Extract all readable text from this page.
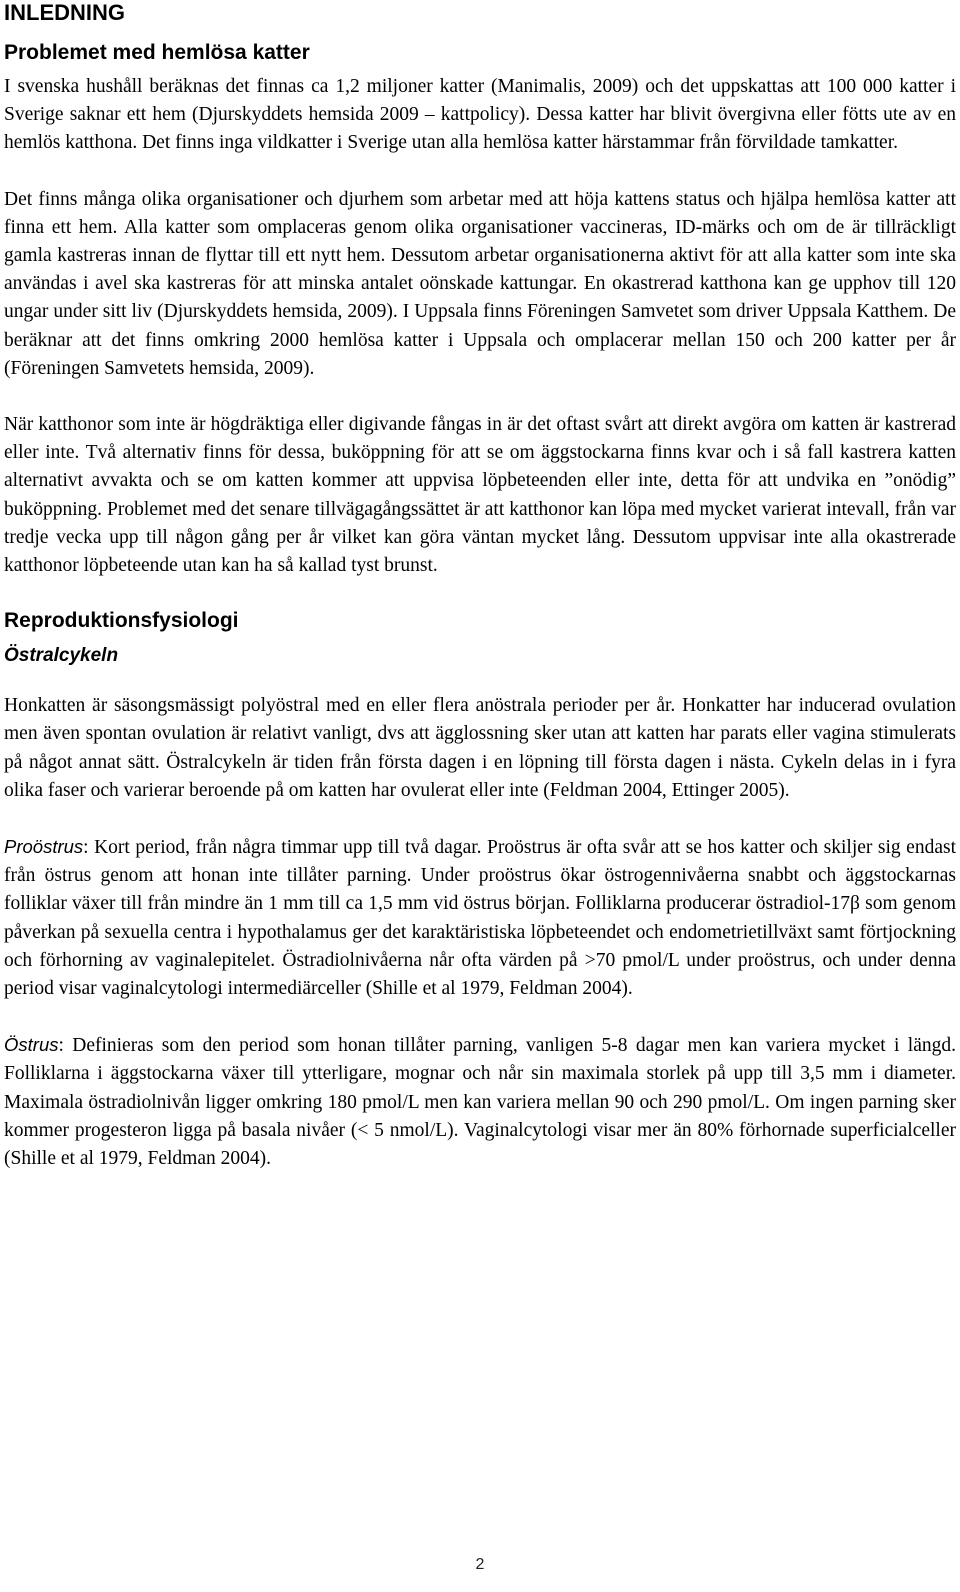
INLEDNING
Problemet med hemlösa katter

I svenska hushåll beräknas det finnas ca 1,2 miljoner katter (Manimalis, 2009) och det uppskattas att 100 000 katter i Sverige saknar ett hem (Djurskyddets hemsida 2009 – kattpolicy). Dessa katter har blivit övergivna eller fötts ute av en hemlös katthona. Det finns inga vildkatter i Sverige utan alla hemlösa katter härstammar från förvildade tamkatter.

Det finns många olika organisationer och djurhem som arbetar med att höja kattens status och hjälpa hemlösa katter att finna ett hem. Alla katter som omplaceras genom olika organisationer vaccineras, ID-märks och om de är tillräckligt gamla kastreras innan de flyttar till ett nytt hem. Dessutom arbetar organisationerna aktivt för att alla katter som inte ska användas i avel ska kastreras för att minska antalet oönskade kattungar. En okastrerad katthona kan ge upphov till 120 ungar under sitt liv (Djurskyddets hemsida, 2009). I Uppsala finns Föreningen Samvetet som driver Uppsala Katthem. De beräknar att det finns omkring 2000 hemlösa katter i Uppsala och omplacerar mellan 150 och 200 katter per år (Föreningen Samvetets hemsida, 2009).

När katthonor som inte är högdräktiga eller digivande fångas in är det oftast svårt att direkt avgöra om katten är kastrerad eller inte. Två alternativ finns för dessa, buköppning för att se om äggstockarna finns kvar och i så fall kastrera katten alternativt avvakta och se om katten kommer att uppvisa löpbeteenden eller inte, detta för att undvika en ”onödig” buköppning. Problemet med det senare tillvägagångssättet är att katthonor kan löpa med mycket varierat intevall, från var tredje vecka upp till någon gång per år vilket kan göra väntan mycket lång. Dessutom uppvisar inte alla okastrerade katthonor löpbeteende utan kan ha så kallad tyst brunst.

Reproduktionsfysiologi
Östralcykeln

Honkatten är säsongsmässigt polyöstral med en eller flera anöstrala perioder per år. Honkatter har inducerad ovulation men även spontan ovulation är relativt vanligt, dvs att ägglossning sker utan att katten har parats eller vagina stimulerats på något annat sätt. Östralcykeln är tiden från första dagen i en löpning till första dagen i nästa. Cykeln delas in i fyra olika faser och varierar beroende på om katten har ovulerat eller inte (Feldman 2004, Ettinger 2005).

Proöstrus: Kort period, från några timmar upp till två dagar. Proöstrus är ofta svår att se hos katter och skiljer sig endast från östrus genom att honan inte tillåter parning. Under proöstrus ökar östrogennivåerna snabbt och äggstockarnas folliklar växer till från mindre än 1 mm till ca 1,5 mm vid östrus början. Folliklarna producerar östradiol-17β som genom påverkan på sexuella centra i hypothalamus ger det karaktäristiska löpbeteendet och endometrietillväxt samt förtjockning och förhorning av vaginalepitelet. Östradiolnivåerna når ofta värden på >70 pmol/L under proöstrus, och under denna period visar vaginalcytologi intermediärceller (Shille et al 1979, Feldman 2004).

Östrus: Definieras som den period som honan tillåter parning, vanligen 5-8 dagar men kan variera mycket i längd. Folliklarna i äggstockarna växer till ytterligare, mognar och når sin maximala storlek på upp till 3,5 mm i diameter. Maximala östradiolnivån ligger omkring 180 pmol/L men kan variera mellan 90 och 290 pmol/L. Om ingen parning sker kommer progesteron ligga på basala nivåer (< 5 nmol/L). Vaginalcytologi visar mer än 80% förhornade superficialceller (Shille et al 1979, Feldman 2004).

2
